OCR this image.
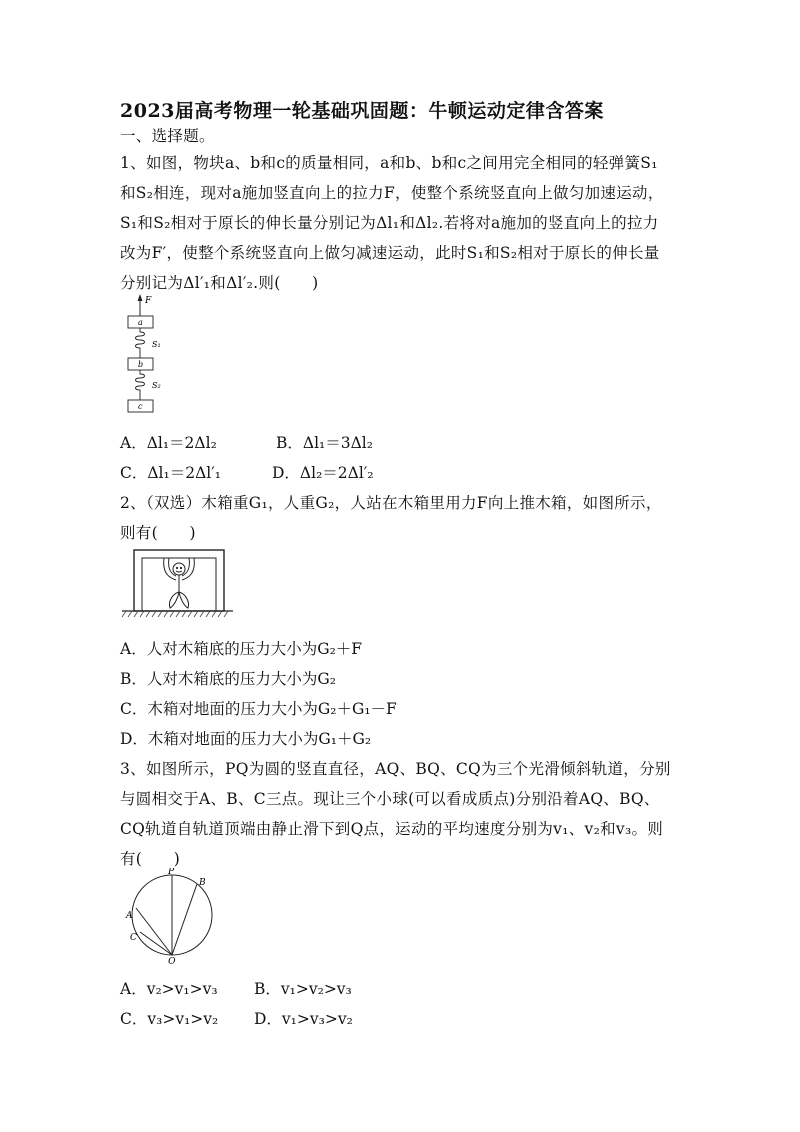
2023届高考物理一轮基础巩固题：牛顿运动定律含答案
一、选择题。
1、如图，物块a、b和c的质量相同，a和b、b和c之间用完全相同的轻弹簧S₁
和S₂相连，现对a施加竖直向上的拉力F，使整个系统竖直向上做匀加速运动，
S₁和S₂相对于原长的伸长量分别记为Δl₁和Δl₂.若将对a施加的竖直向上的拉力
改为F′，使整个系统竖直向上做匀减速运动，此时S₁和S₂相对于原长的伸长量
分别记为Δl′₁和Δl′₂.则(　　)
F
a
S₁
b
S₂
c
A．Δl₁＝2Δl₂	B．Δl₁＝3Δl₂
C．Δl₁＝2Δl′₁	D．Δl₂＝2Δl′₂
2、（双选）木箱重G₁，人重G₂，人站在木箱里用力F向上推木箱，如图所示，
则有(　　)
A．人对木箱底的压力大小为G₂＋F
B．人对木箱底的压力大小为G₂
C．木箱对地面的压力大小为G₂＋G₁－F
D．木箱对地面的压力大小为G₁＋G₂
3、如图所示，PQ为圆的竖直直径，AQ、BQ、CQ为三个光滑倾斜轨道，分别
与圆相交于A、B、C三点。现让三个小球(可以看成质点)分别沿着AQ、BQ、
CQ轨道自轨道顶端由静止滑下到Q点，运动的平均速度分别为v₁、v₂和v₃。则
有(　　)
P
B
A
C
Q
A．v₂>v₁>v₃ B．v₁>v₂>v₃
C．v₃>v₁>v₂ D．v₁>v₃>v₂
